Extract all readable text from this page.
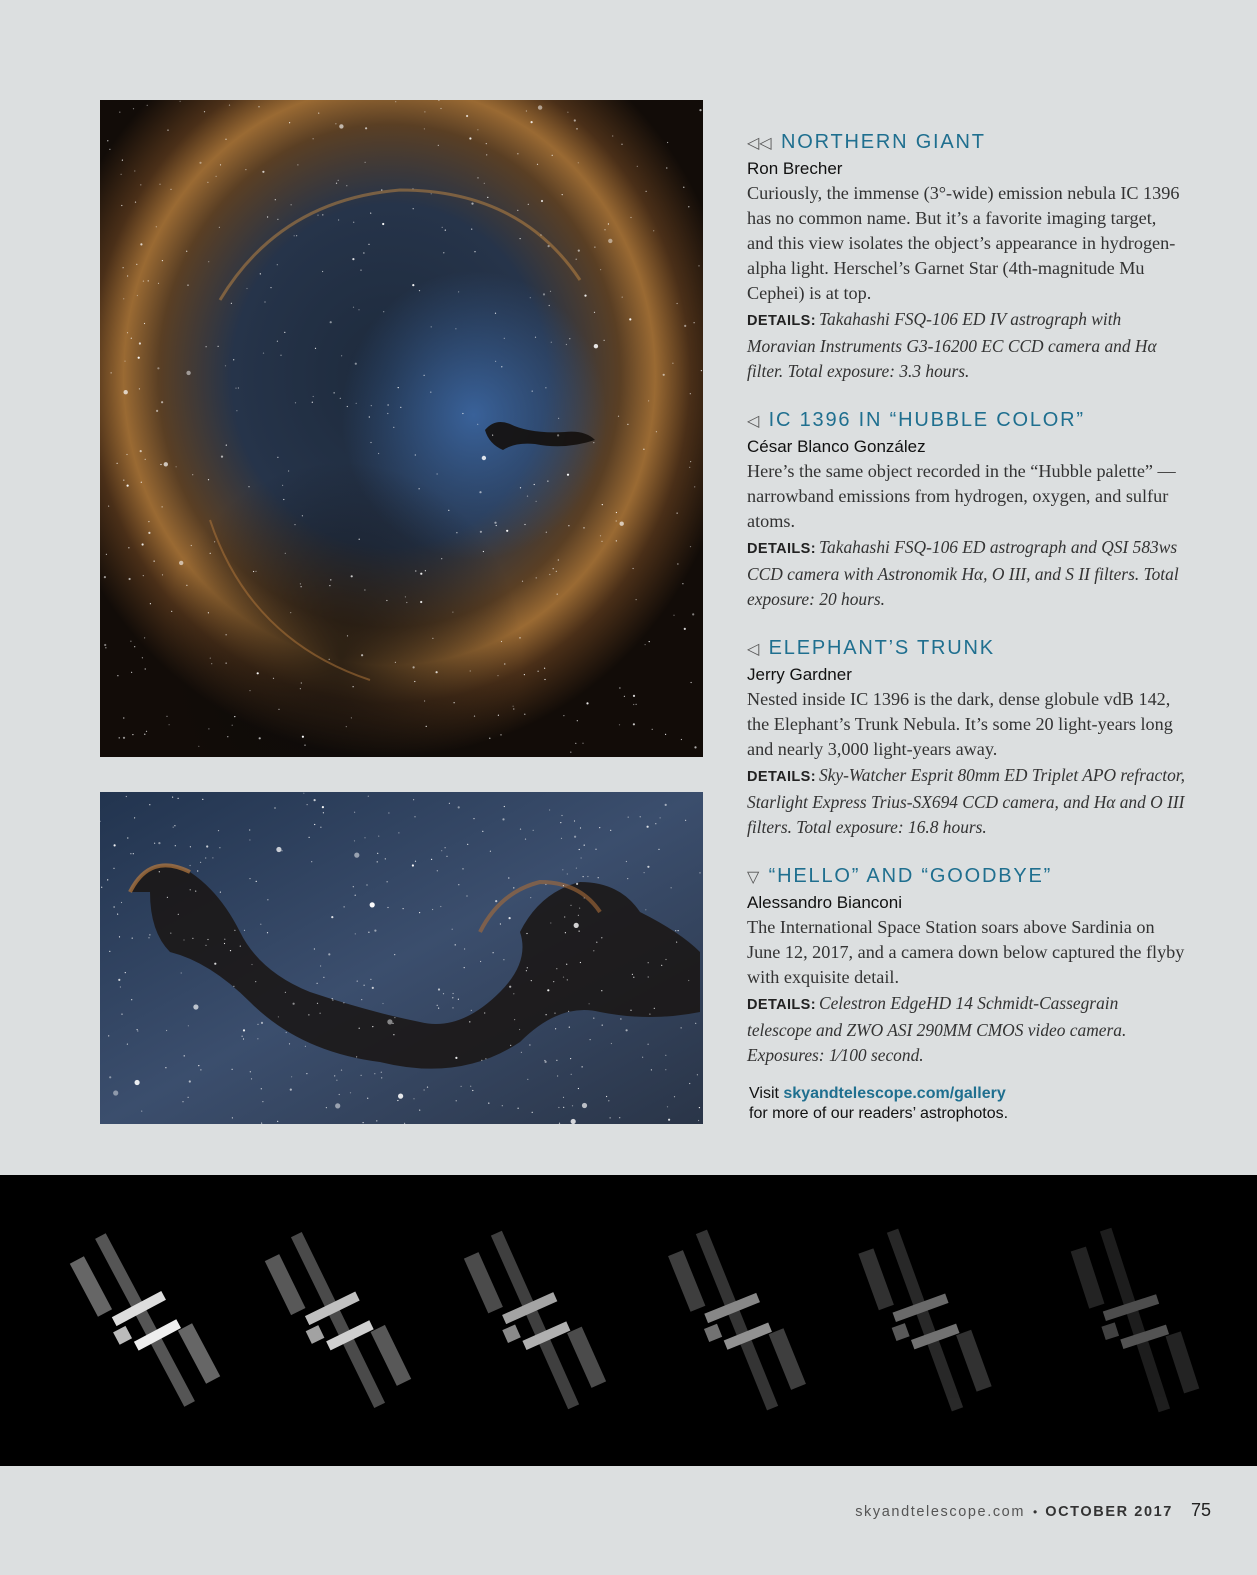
◁◁ NORTHERN GIANT
Ron Brecher
Curiously, the immense (3°-wide) emission nebula IC 1396 has no common name. But it’s a favorite imaging target, and this view isolates the object’s appearance in hydrogen-alpha light. Herschel’s Garnet Star (4th-magnitude Mu Cephei) is at top.
DETAILS: Takahashi FSQ-106 ED IV astrograph with Moravian Instruments G3-16200 EC CCD camera and Hα filter. Total exposure: 3.3 hours.
◁ IC 1396 IN “HUBBLE COLOR”
César Blanco González
Here’s the same object recorded in the “Hubble palette” — narrowband emissions from hydrogen, oxygen, and sulfur atoms.
DETAILS: Takahashi FSQ-106 ED astrograph and QSI 583ws CCD camera with Astronomik Hα, O III, and S II filters. Total exposure: 20 hours.
◁ ELEPHANT’S TRUNK
Jerry Gardner
Nested inside IC 1396 is the dark, dense globule vdB 142, the Elephant’s Trunk Nebula. It’s some 20 light-years long and nearly 3,000 light-years away.
DETAILS: Sky-Watcher Esprit 80mm ED Triplet APO refractor, Starlight Express Trius-SX694 CCD camera, and Hα and O III filters. Total exposure: 16.8 hours.
▽ “HELLO” AND “GOODBYE”
Alessandro Bianconi
The International Space Station soars above Sardinia on June 12, 2017, and a camera down below captured the flyby with exquisite detail.
DETAILS: Celestron EdgeHD 14 Schmidt-Cassegrain telescope and ZWO ASI 290MM CMOS video camera. Exposures: 1⁄100 second.
Visit skyandtelescope.com/gallery
for more of our readers’ astrophotos.
skyandtelescope.com • OCTOBER 2017 75
